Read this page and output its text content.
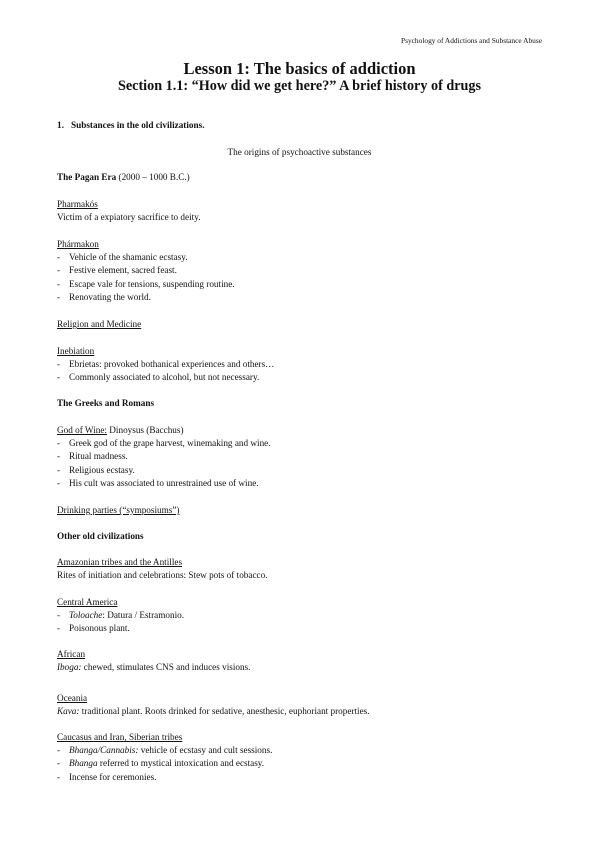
Psychology of Addictions and Substance Abuse
Lesson 1: The basics of addiction
Section 1.1: “How did we get here?” A brief history of drugs
1. Substances in the old civilizations.
The origins of psychoactive substances
The Pagan Era (2000 – 1000 B.C.)
Pharmakós
Victim of a expiatory sacrifice to deity.
Phármakon
- Vehicle of the shamanic ecstasy.
- Festive element, sacred feast.
- Escape vale for tensions, suspending routine.
- Renovating the world.
Religion and Medicine
Inebiation
- Ebrietas: provoked bothanical experiences and others…
- Commonly associated to alcohol, but not necessary.
The Greeks and Romans
God of Wine: Dinoysus (Bacchus)
- Greek god of the grape harvest, winemaking and wine.
- Ritual madness.
- Religious ecstasy.
- His cult was associated to unrestrained use of wine.
Drinking parties (“symposiums”)
Other old civilizations
Amazonian tribes and the Antilles
Rites of initiation and celebrations: Stew pots of tobacco.
Central America
- Toloache: Datura / Estramonio.
- Poisonous plant.
African
Iboga: chewed, stimulates CNS and induces visions.
Oceania
Kava: traditional plant. Roots drinked for sedative, anesthesic, euphoriant properties.
Caucasus and Iran, Siberian tribes
- Bhanga/Cannabis: vehicle of ecstasy and cult sessions.
- Bhanga referred to mystical intoxication and ecstasy.
- Incense for ceremonies.
